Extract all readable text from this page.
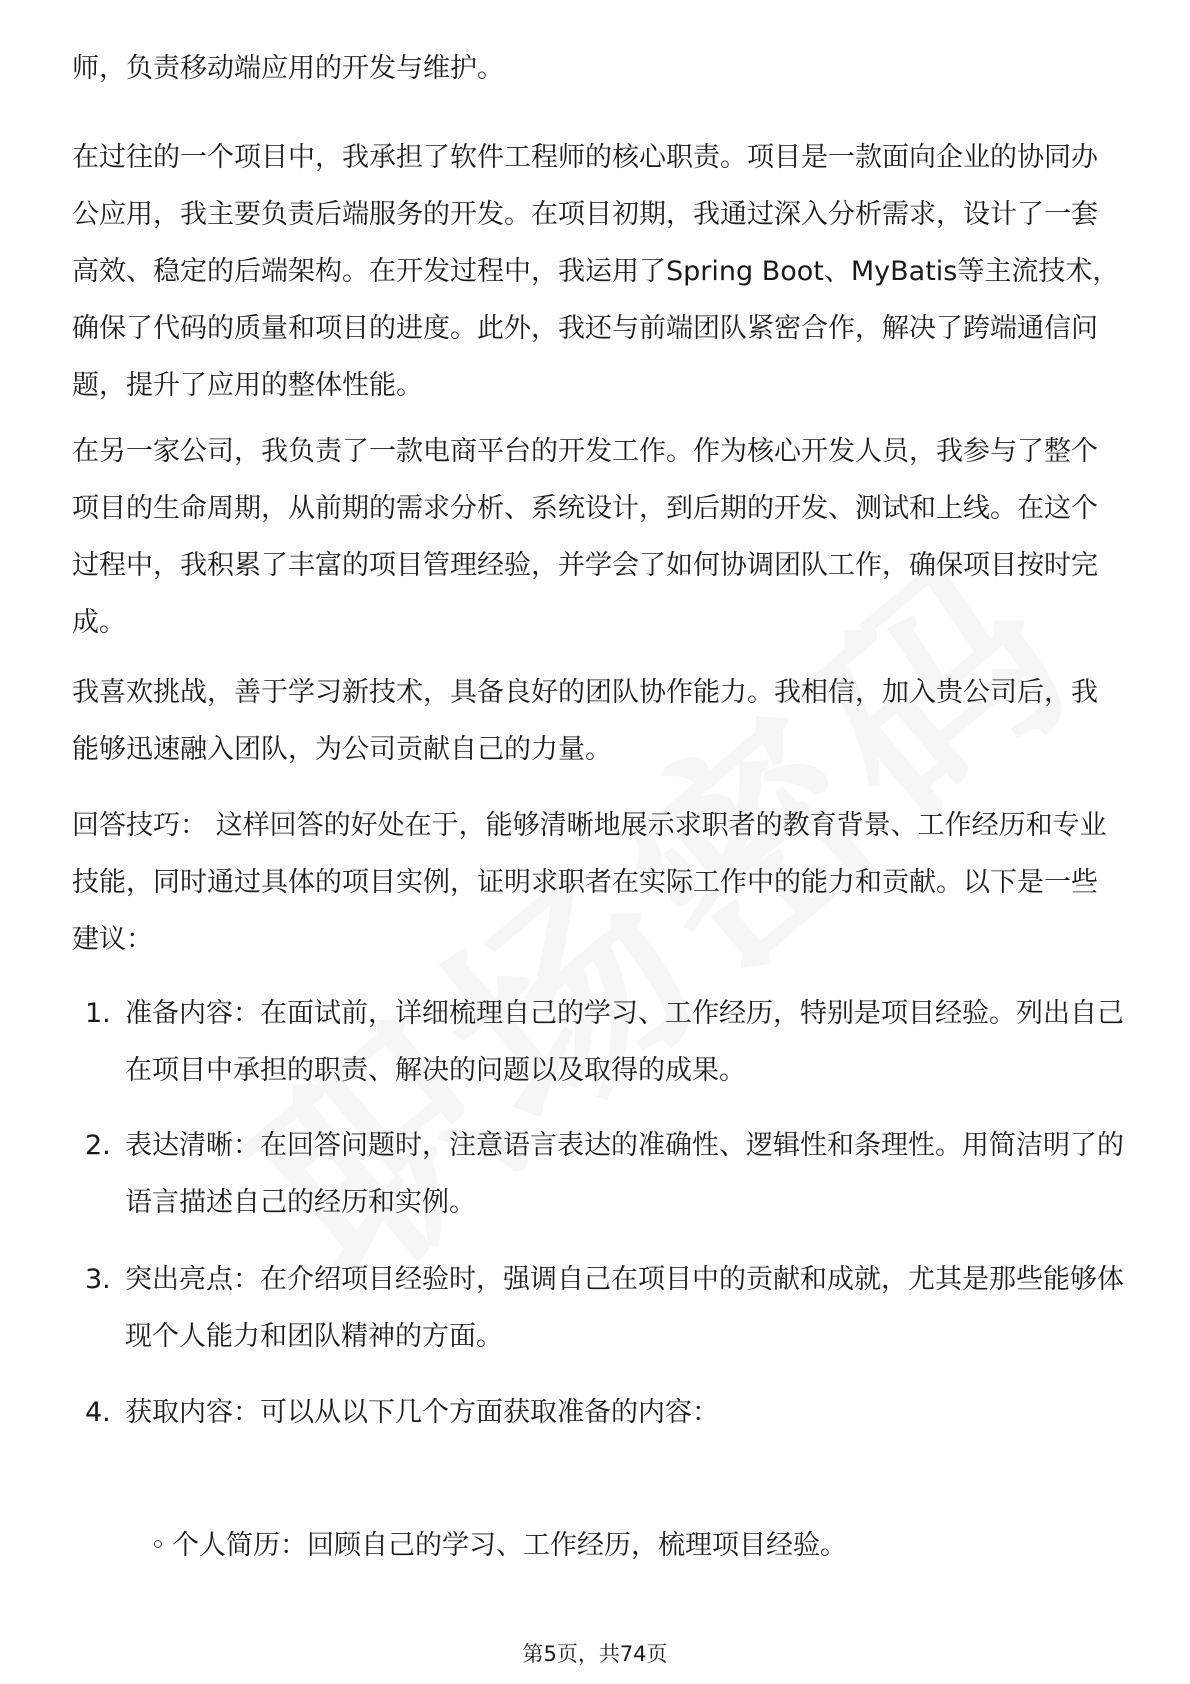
师，负责移动端应用的开发与维护。

在过往的一个项目中，我承担了软件工程师的核心职责。项目是一款面向企业的协同办公应用，我主要负责后端服务的开发。在项目初期，我通过深入分析需求，设计了一套高效、稳定的后端架构。在开发过程中，我运用了Spring Boot、MyBatis等主流技术，确保了代码的质量和项目的进度。此外，我还与前端团队紧密合作，解决了跨端通信问题，提升了应用的整体性能。

在另一家公司，我负责了一款电商平台的开发工作。作为核心开发人员，我参与了整个项目的生命周期，从前期的需求分析、系统设计，到后期的开发、测试和上线。在这个过程中，我积累了丰富的项目管理经验，并学会了如何协调团队工作，确保项目按时完成。

我喜欢挑战，善于学习新技术，具备良好的团队协作能力。我相信，加入贵公司后，我能够迅速融入团队，为公司贡献自己的力量。

回答技巧： 这样回答的好处在于，能够清晰地展示求职者的教育背景、工作经历和专业技能，同时通过具体的项目实例，证明求职者在实际工作中的能力和贡献。以下是一些建议：

1. 准备内容：在面试前，详细梳理自己的学习、工作经历，特别是项目经验。列出自己在项目中承担的职责、解决的问题以及取得的成果。
2. 表达清晰：在回答问题时，注意语言表达的准确性、逻辑性和条理性。用简洁明了的语言描述自己的经历和实例。
3. 突出亮点：在介绍项目经验时，强调自己在项目中的贡献和成就，尤其是那些能够体现个人能力和团队精神的方面。
4. 获取内容：可以从以下几个方面获取准备的内容：
◦ 个人简历：回顾自己的学习、工作经历，梳理项目经验。
第5页，共74页
